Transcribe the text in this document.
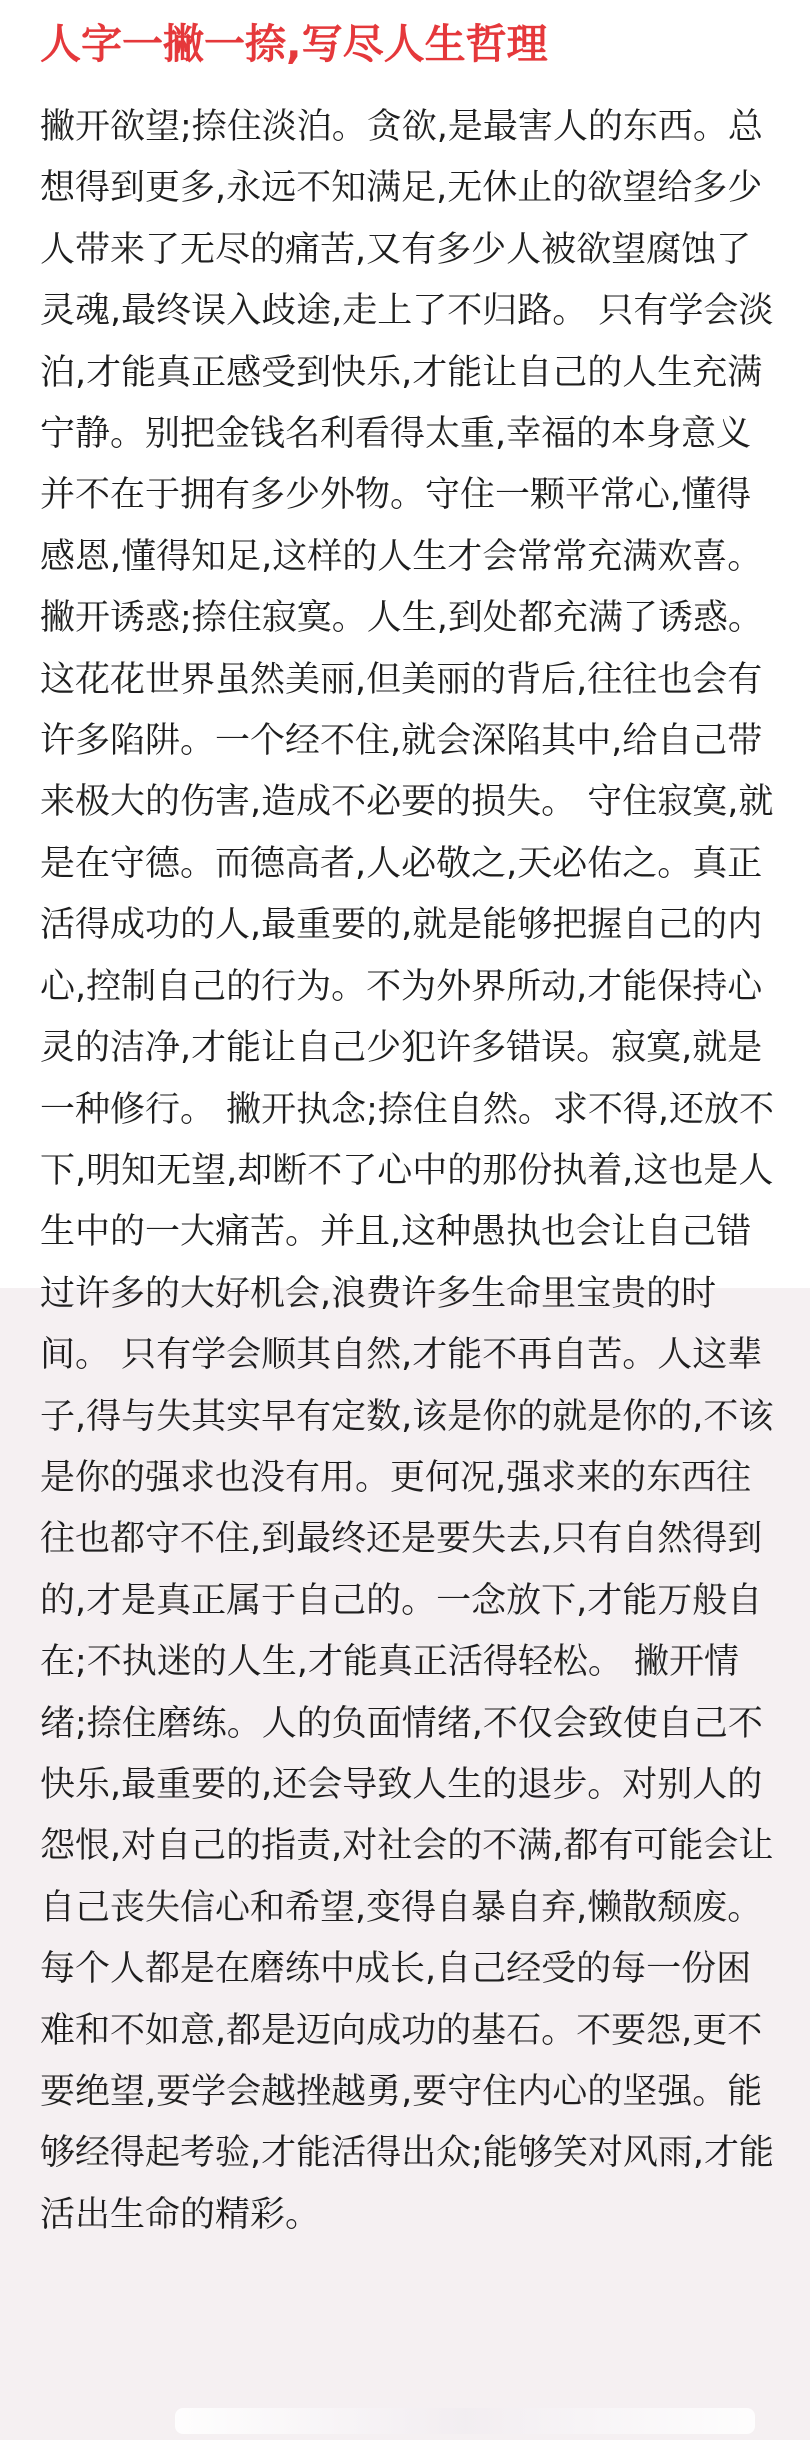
人字一撇一捺,写尽人生哲理

撇开欲望;捺住淡泊。贪欲,是最害人的东西。总想得到更多,永远不知满足,无休止的欲望给多少人带来了无尽的痛苦,又有多少人被欲望腐蚀了灵魂,最终误入歧途,走上了不归路。 只有学会淡泊,才能真正感受到快乐,才能让自己的人生充满宁静。别把金钱名利看得太重,幸福的本身意义并不在于拥有多少外物。守住一颗平常心,懂得感恩,懂得知足,这样的人生才会常常充满欢喜。 撇开诱惑;捺住寂寞。人生,到处都充满了诱惑。这花花世界虽然美丽,但美丽的背后,往往也会有许多陷阱。一个经不住,就会深陷其中,给自己带来极大的伤害,造成不必要的损失。 守住寂寞,就是在守德。而德高者,人必敬之,天必佑之。真正活得成功的人,最重要的,就是能够把握自己的内心,控制自己的行为。不为外界所动,才能保持心灵的洁净,才能让自己少犯许多错误。寂寞,就是一种修行。 撇开执念;捺住自然。求不得,还放不下,明知无望,却断不了心中的那份执着,这也是人生中的一大痛苦。并且,这种愚执也会让自己错过许多的大好机会,浪费许多生命里宝贵的时间。 只有学会顺其自然,才能不再自苦。人这辈子,得与失其实早有定数,该是你的就是你的,不该是你的强求也没有用。更何况,强求来的东西往往也都守不住,到最终还是要失去,只有自然得到的,才是真正属于自己的。一念放下,才能万般自在;不执迷的人生,才能真正活得轻松。 撇开情绪;捺住磨练。人的负面情绪,不仅会致使自己不快乐,最重要的,还会导致人生的退步。对别人的怨恨,对自己的指责,对社会的不满,都有可能会让自己丧失信心和希望,变得自暴自弃,懒散颓废。 每个人都是在磨练中成长,自己经受的每一份困难和不如意,都是迈向成功的基石。不要怨,更不要绝望,要学会越挫越勇,要守住内心的坚强。能够经得起考验,才能活得出众;能够笑对风雨,才能活出生命的精彩。
